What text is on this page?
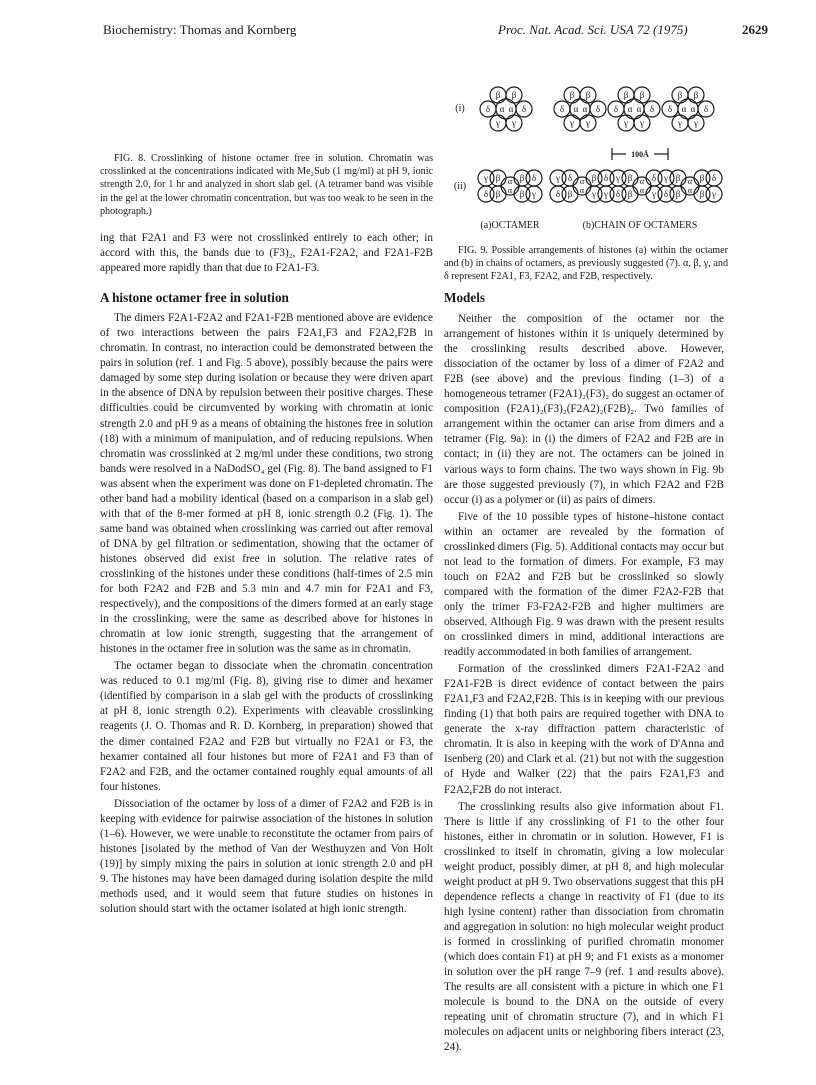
Biochemistry: Thomas and Kornberg	Proc. Nat. Acad. Sci. USA 72 (1975)	2629

FIG. 8. Crosslinking of histone octamer free in solution. Chromatin was crosslinked at the concentrations indicated with Me₂Sub (1 mg/ml) at pH 9, ionic strength 2.0, for 1 hr and analyzed in short slab gel. (A tetramer band was visible in the gel at the lower chromatin concentration, but was too weak to be seen in the photograph.)

ing that F2A1 and F3 were not crosslinked entirely to each other; in accord with this, the bands due to (F3)₂, F2A1-F2A2, and F2A1-F2B appeared more rapidly than that due to F2A1-F3.

A histone octamer free in solution

The dimers F2A1-F2A2 and F2A1-F2B mentioned above are evidence of two interactions between the pairs F2A1,F3 and F2A2,F2B in chromatin. In contrast, no interaction could be demonstrated between the pairs in solution (ref. 1 and Fig. 5 above), possibly because the pairs were damaged by some step during isolation or because they were driven apart in the absence of DNA by repulsion between their positive charges. These difficulties could be circumvented by working with chromatin at ionic strength 2.0 and pH 9 as a means of obtaining the histones free in solution (18) with a minimum of manipulation, and of reducing repulsions. When chromatin was crosslinked at 2 mg/ml under these conditions, two strong bands were resolved in a NaDodSO₄ gel (Fig. 8). The band assigned to F1 was absent when the experiment was done on F1-depleted chromatin. The other band had a mobility identical (based on a comparison in a slab gel) with that of the 8-mer formed at pH 8, ionic strength 0.2 (Fig. 1). The same band was obtained when crosslinking was carried out after removal of DNA by gel filtration or sedimentation, showing that the octamer of histones observed did exist free in solution. The relative rates of crosslinking of the histones under these conditions (half-times of 2.5 min for both F2A2 and F2B and 5.3 min and 4.7 min for F2A1 and F3, respectively), and the compositions of the dimers formed at an early stage in the crosslinking, were the same as described above for histones in chromatin at low ionic strength, suggesting that the arrangement of histones in the octamer free in solution was the same as in chromatin.

The octamer began to dissociate when the chromatin concentration was reduced to 0.1 mg/ml (Fig. 8), giving rise to dimer and hexamer (identified by comparison in a slab gel with the products of crosslinking at pH 8, ionic strength 0.2). Experiments with cleavable crosslinking reagents (J. O. Thomas and R. D. Kornberg, in preparation) showed that the dimer contained F2A2 and F2B but virtually no F2A1 or F3, the hexamer contained all four histones but more of F2A1 and F3 than of F2A2 and F2B, and the octamer contained roughly equal amounts of all four histones.

Dissociation of the octamer by loss of a dimer of F2A2 and F2B is in keeping with evidence for pairwise association of the histones in solution (1–6). However, we were unable to reconstitute the octamer from pairs of histones [isolated by the method of Van der Westhuyzen and Von Holt (19)] by simply mixing the pairs in solution at ionic strength 2.0 and pH 9. The histones may have been damaged during isolation despite the mild methods used, and it would seem that future studies on histones in solution should start with the octamer isolated at high ionic strength.

(i)
(ii)
β β
δ α α δ
γ γ
β β
δ α α δ
γ γ
β β
δ α α δ
γ γ
β β
δ α α δ
γ γ
100Å
γ
δ
β
β
α
α
β
β
δ
γ
γ
δ
δ
β
α
α
β
γ
δ
γ
γ
δ
β
β
α
α
δ
γ
γ
δ
β
β
α
α
β
β
δ
γ
(a)OCTAMER	(b)CHAIN OF OCTAMERS
FIG. 9. Possible arrangements of histones (a) within the octamer and (b) in chains of octamers, as previously suggested (7). α, β, γ, and δ represent F2A1, F3, F2A2, and F2B, respectively.

Models

Neither the composition of the octamer nor the arrangement of histones within it is uniquely determined by the crosslinking results described above. However, dissociation of the octamer by loss of a dimer of F2A2 and F2B (see above) and the previous finding (1–3) of a homogeneous tetramer (F2A1)₂(F3)₂ do suggest an octamer of composition (F2A1)₂(F3)₂(F2A2)₂(F2B)₂. Two families of arrangement within the octamer can arise from dimers and a tetramer (Fig. 9a): in (i) the dimers of F2A2 and F2B are in contact; in (ii) they are not. The octamers can be joined in various ways to form chains. The two ways shown in Fig. 9b are those suggested previously (7), in which F2A2 and F2B occur (i) as a polymer or (ii) as pairs of dimers.

Five of the 10 possible types of histone–histone contact within an octamer are revealed by the formation of crosslinked dimers (Fig. 5). Additional contacts may occur but not lead to the formation of dimers. For example, F3 may touch on F2A2 and F2B but be crosslinked so slowly compared with the formation of the dimer F2A2-F2B that only the trimer F3-F2A2-F2B and higher multimers are observed. Although Fig. 9 was drawn with the present results on crosslinked dimers in mind, additional interactions are readily accommodated in both families of arrangement.

Formation of the crosslinked dimers F2A1-F2A2 and F2A1-F2B is direct evidence of contact between the pairs F2A1,F3 and F2A2,F2B. This is in keeping with our previous finding (1) that both pairs are required together with DNA to generate the x-ray diffraction pattern characteristic of chromatin. It is also in keeping with the work of D'Anna and Isenberg (20) and Clark et al. (21) but not with the suggestion of Hyde and Walker (22) that the pairs F2A1,F3 and F2A2,F2B do not interact.

The crosslinking results also give information about F1. There is little if any crosslinking of F1 to the other four histones, either in chromatin or in solution. However, F1 is crosslinked to itself in chromatin, giving a low molecular weight product, possibly dimer, at pH 8, and high molecular weight product at pH 9. Two observations suggest that this pH dependence reflects a change in reactivity of F1 (due to its high lysine content) rather than dissociation from chromatin and aggregation in solution: no high molecular weight product is formed in crosslinking of purified chromatin monomer (which does contain F1) at pH 9; and F1 exists as a monomer in solution over the pH range 7–9 (ref. 1 and results above). The results are all consistent with a picture in which one F1 molecule is bound to the DNA on the outside of every repeating unit of chromatin structure (7), and in which F1 molecules on adjacent units or neighboring fibers interact (23, 24).
